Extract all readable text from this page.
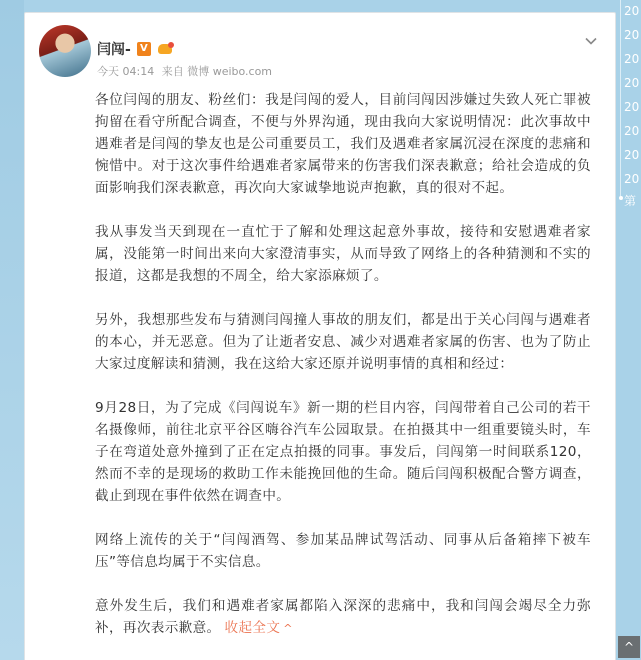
闫闯- V
今天 04:14 来自 微博 weibo.com

各位闫闯的朋友、粉丝们：我是闫闯的爱人，目前闫闯因涉嫌过失致人死亡罪被拘留在看守所配合调查，不便与外界沟通，现由我向大家说明情况：此次事故中遇难者是闫闯的挚友也是公司重要员工，我们及遇难者家属沉浸在深度的悲痛和惋惜中。对于这次事件给遇难者家属带来的伤害我们深表歉意；给社会造成的负面影响我们深表歉意，再次向大家诚挚地说声抱歉，真的很对不起。

我从事发当天到现在一直忙于了解和处理这起意外事故，接待和安慰遇难者家属，没能第一时间出来向大家澄清事实，从而导致了网络上的各种猜测和不实的报道，这都是我想的不周全，给大家添麻烦了。

另外，我想那些发布与猜测闫闯撞人事故的朋友们，都是出于关心闫闯与遇难者的本心，并无恶意。但为了让逝者安息、减少对遇难者家属的伤害、也为了防止大家过度解读和猜测，我在这给大家还原并说明事情的真相和经过：

9月28日，为了完成《闫闯说车》新一期的栏目内容，闫闯带着自己公司的若干名摄像师，前往北京平谷区嗨谷汽车公园取景。在拍摄其中一组重要镜头时，车子在弯道处意外撞到了正在定点拍摄的同事。事发后，闫闯第一时间联系120，然而不幸的是现场的救助工作未能挽回他的生命。随后闫闯积极配合警方调查，截止到现在事件依然在调查中。

网络上流传的关于“闫闯酒驾、参加某品牌试驾活动、同事从后备箱摔下被车压”等信息均属于不实信息。

意外发生后，我们和遇难者家属都陷入深深的悲痛中，我和闫闯会竭尽全力弥补，再次表示歉意。 收起全文 ^

20
20
20
20
20
20
20
20
第
^
